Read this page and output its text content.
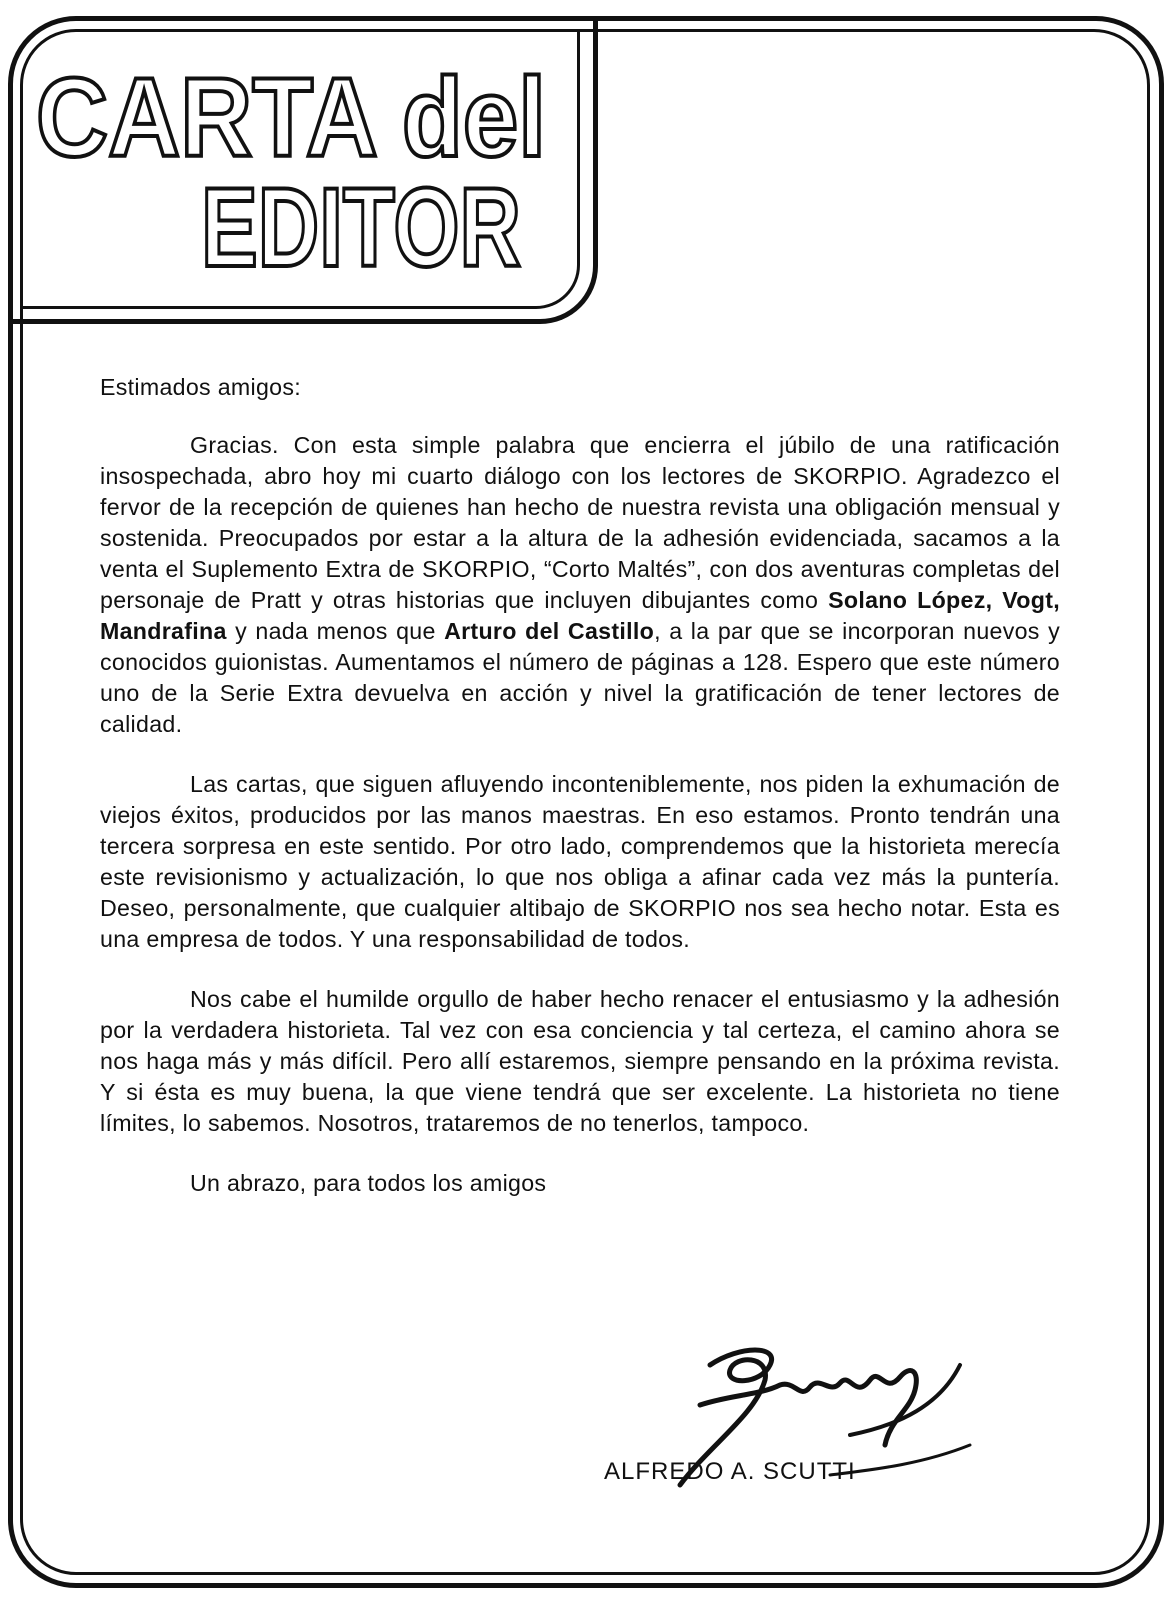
CARTA del
EDITOR

Estimados amigos:

Gracias. Con esta simple palabra que encierra el júbilo de una ratificación insospechada, abro hoy mi cuarto diálogo con los lectores de SKORPIO. Agradezco el fervor de la recepción de quienes han hecho de nuestra revista una obligación mensual y sostenida. Preocupados por estar a la altura de la adhesión evidenciada, sacamos a la venta el Suplemento Extra de SKORPIO, “Corto Maltés”, con dos aventuras completas del personaje de Pratt y otras historias que incluyen dibujantes como Solano López, Vogt, Mandrafina y nada menos que Arturo del Castillo, a la par que se incorporan nuevos y conocidos guionistas. Aumentamos el número de páginas a 128. Espero que este número uno de la Serie Extra devuelva en acción y nivel la gratificación de tener lectores de calidad.

Las cartas, que siguen afluyendo inconteniblemente, nos piden la exhumación de viejos éxitos, producidos por las manos maestras. En eso estamos. Pronto tendrán una tercera sorpresa en este sentido. Por otro lado, comprendemos que la historieta merecía este revisionismo y actualización, lo que nos obliga a afinar cada vez más la puntería. Deseo, personalmente, que cualquier altibajo de SKORPIO nos sea hecho notar. Esta es una empresa de todos. Y una responsabilidad de todos.

Nos cabe el humilde orgullo de haber hecho renacer el entusiasmo y la adhesión por la verdadera historieta. Tal vez con esa conciencia y tal certeza, el camino ahora se nos haga más y más difícil. Pero allí estaremos, siempre pensando en la próxima revista. Y si ésta es muy buena, la que viene tendrá que ser excelente. La historieta no tiene límites, lo sabemos. Nosotros, trataremos de no tenerlos, tampoco.

Un abrazo, para todos los amigos

ALFREDO A. SCUTTI
